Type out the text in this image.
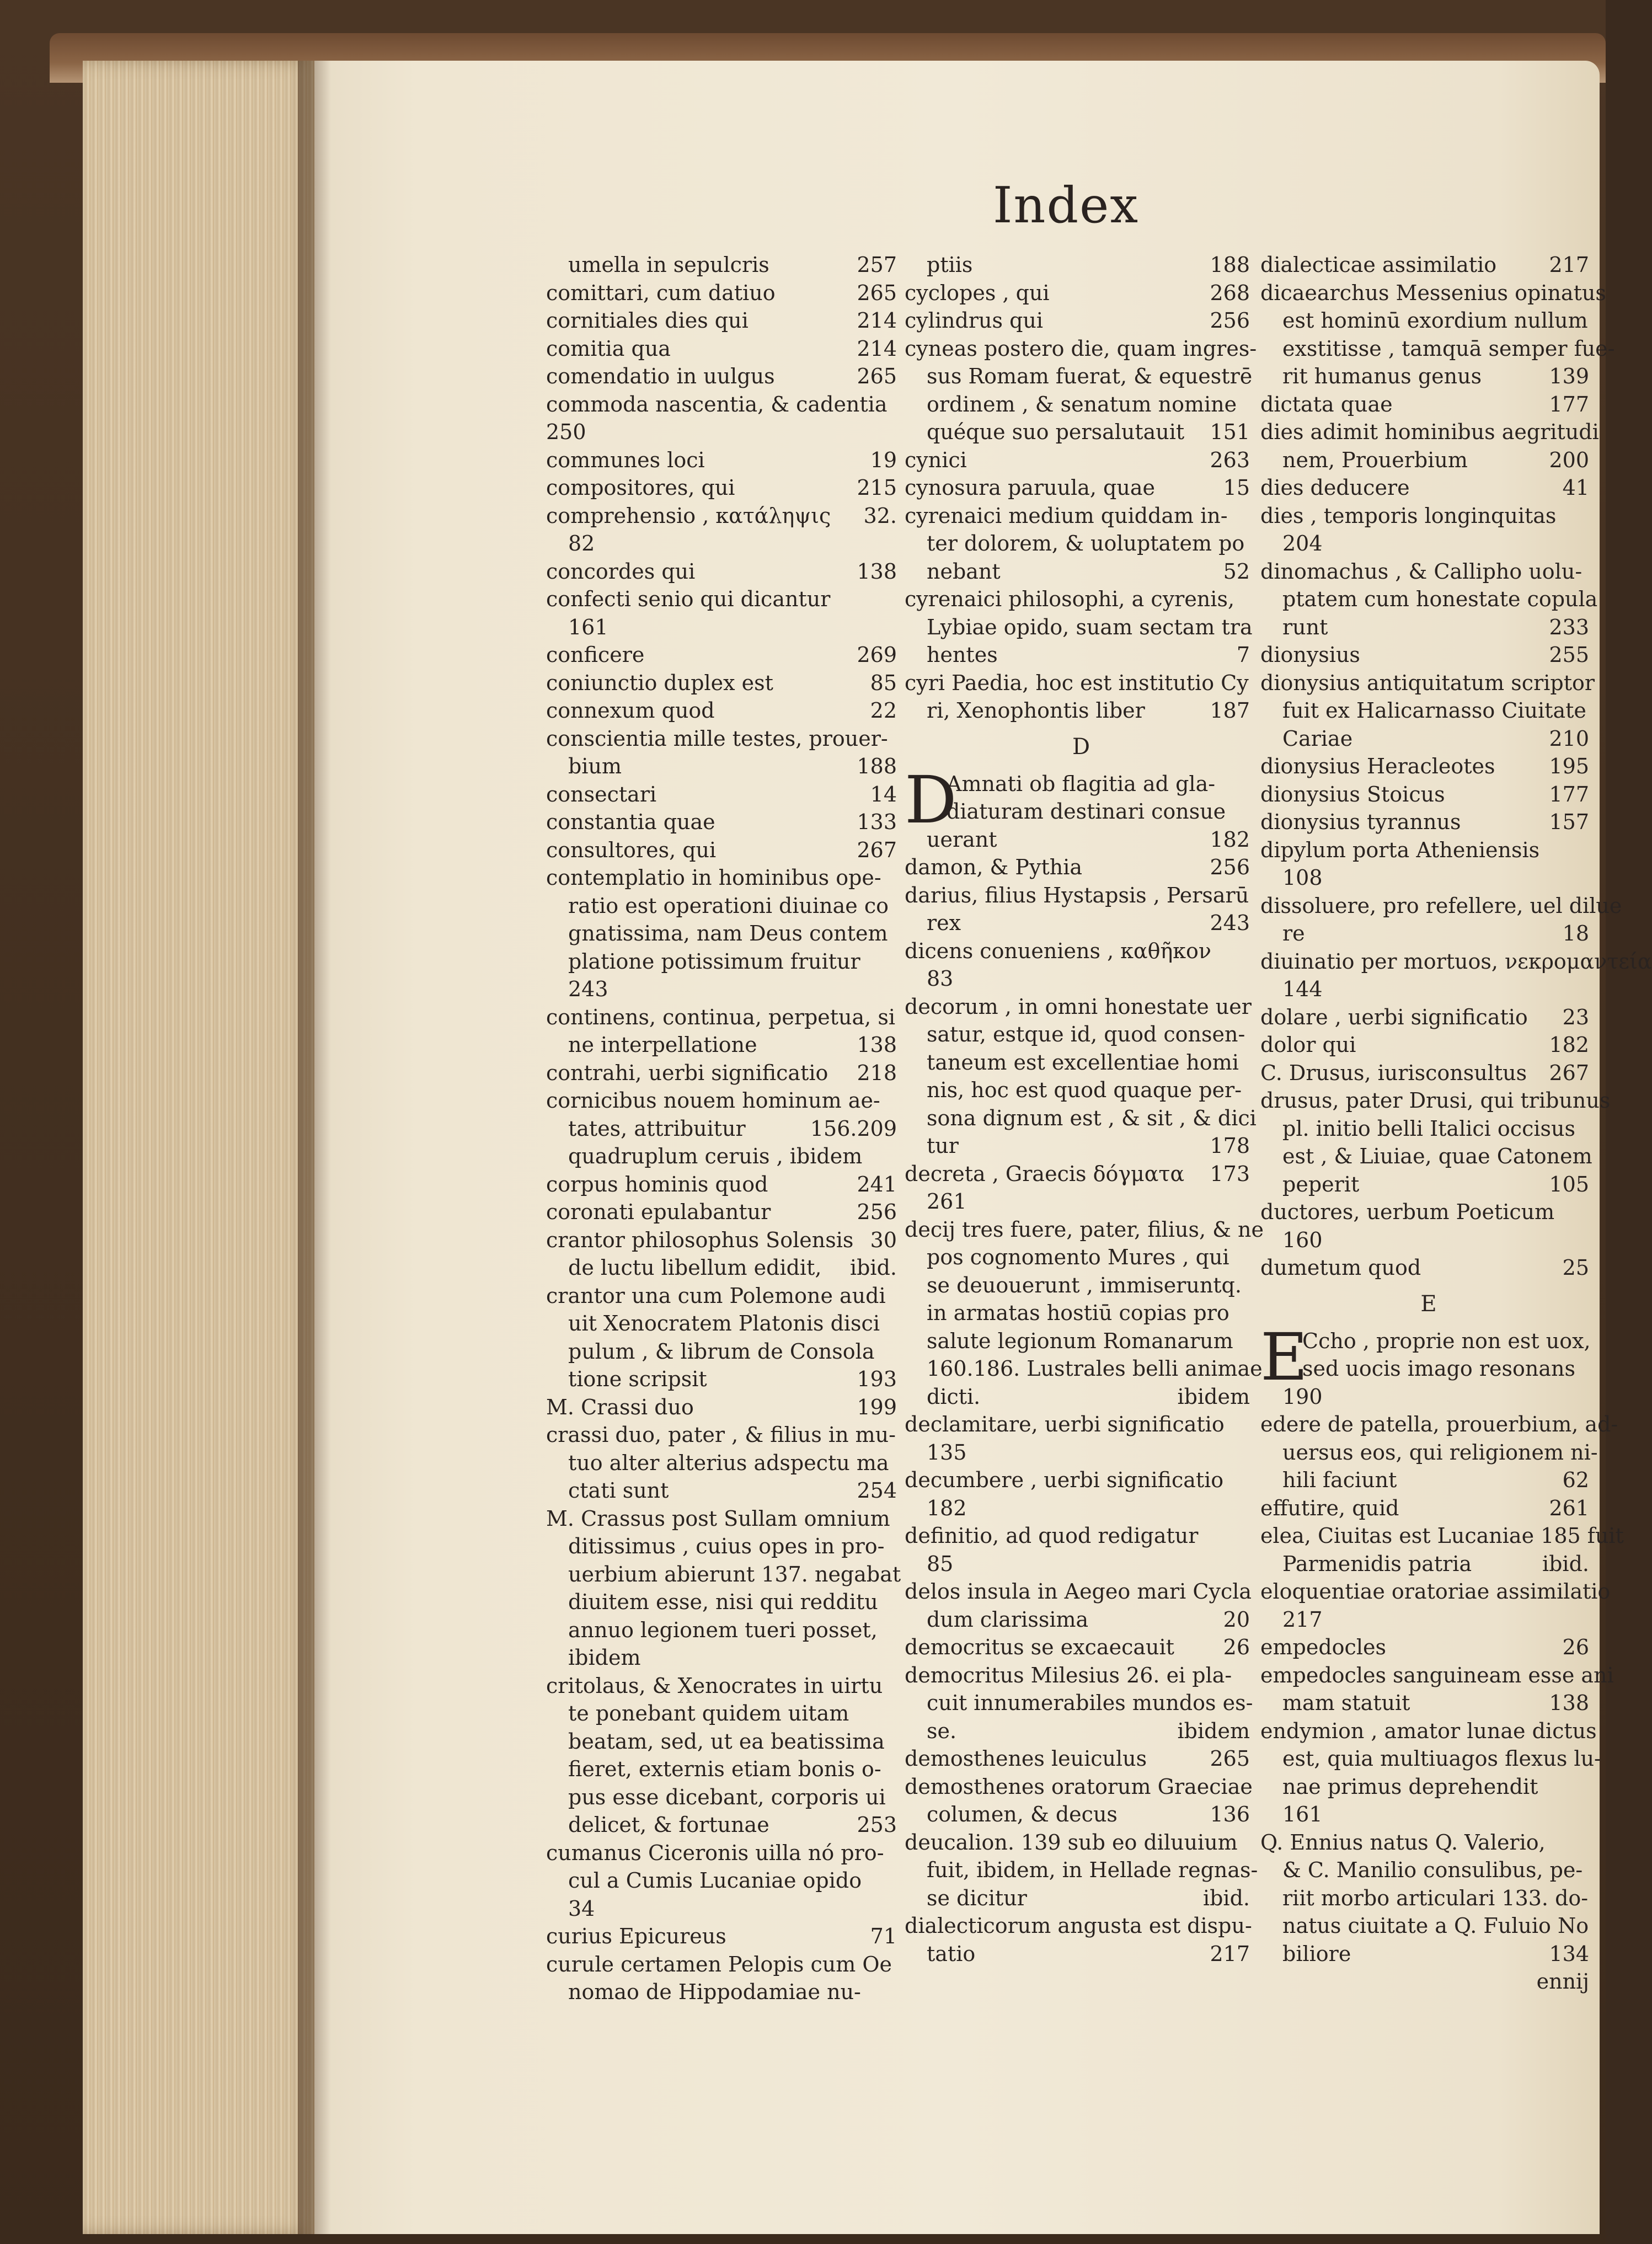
Index
umella in sepulcris	257
comittari, cum datiuo	265
cornitiales dies qui	214
comitia qua	214
comendatio in uulgus	265
commoda nascentia, & cadentia
250
communes loci	19
compositores, qui	215
comprehensio , κατάληψις	32.
82
concordes qui	138
confecti senio qui dicantur
161
conficere	269
coniunctio duplex est	85
connexum quod	22
conscientia mille testes, prouer-
bium	188
consectari	14
constantia quae	133
consultores, qui	267
contemplatio in hominibus ope-
ratio est operationi diuinae co
gnatissima, nam Deus contem
platione potissimum fruitur
243
continens, continua, perpetua, si
ne interpellatione	138
contrahi, uerbi significatio	218
cornicibus nouem hominum ae-
tates, attribuitur	156.209
quadruplum ceruis , ibidem
corpus hominis quod	241
coronati epulabantur	256
crantor philosophus Solensis 30
de luctu libellum edidit,	ibid.
crantor una cum Polemone audi
uit Xenocratem Platonis disci
pulum , & librum de Consola
tione scripsit	193
M. Crassi duo	199
crassi duo, pater , & filius in mu-
tuo alter alterius adspectu ma
ctati sunt	254
M. Crassus post Sullam omnium
ditissimus , cuius opes in pro-
uerbium abierunt 137. negabat
diuitem esse, nisi qui redditu
annuo legionem tueri posset,
ibidem
critolaus, & Xenocrates in uirtu
te ponebant quidem uitam
beatam, sed, ut ea beatissima
fieret, externis etiam bonis o-
pus esse dicebant, corporis ui
delicet, & fortunae	253
cumanus Ciceronis uilla nó pro-
cul a Cumis Lucaniae opido
34
curius Epicureus	71
curule certamen Pelopis cum Oe
nomao de Hippodamiae nu-
ptiis	188
cyclopes , qui	268
cylindrus qui	256
cyneas postero die, quam ingres-
sus Romam fuerat, & equestrē
ordinem , & senatum nomine
quéque suo persalutauit	151
cynici	263
cynosura paruula, quae	15
cyrenaici medium quiddam in-
ter dolorem, & uoluptatem po
nebant	52
cyrenaici philosophi, a cyrenis,
Lybiae opido, suam sectam tra
hentes	7
cyri Paedia, hoc est institutio Cy
ri, Xenophontis liber	187
D
D
Amnati ob flagitia ad gla-
diaturam destinari consue
uerant	182
damon, & Pythia	256
darius, filius Hystapsis , Persarū
rex	243
dicens conueniens , καθῆκον
83
decorum , in omni honestate uer
satur, estque id, quod consen-
taneum est excellentiae homi
nis, hoc est quod quaque per-
sona dignum est , & sit , & dici
tur	178
decreta , Graecis δόγματα	173
261
decij tres fuere, pater, filius, & ne
pos cognomento Mures , qui
se deuouerunt , immiseruntq.
in armatas hostiū copias pro
salute legionum Romanarum
160.186. Lustrales belli animae
dicti.	ibidem
declamitare, uerbi significatio
135
decumbere , uerbi significatio
182
definitio, ad quod redigatur
85
delos insula in Aegeo mari Cycla
dum clarissima	20
democritus se excaecauit	26
democritus Milesius 26. ei pla-
cuit innumerabiles mundos es-
se.	ibidem
demosthenes leuiculus	265
demosthenes oratorum Graeciae
columen, & decus	136
deucalion. 139 sub eo diluuium
fuit, ibidem, in Hellade regnas-
se dicitur	ibid.
dialecticorum angusta est dispu-
tatio	217
dialecticae assimilatio	217
dicaearchus Messenius opinatus
est hominū exordium nullum
exstitisse , tamquā semper fue-
rit humanus genus	139
dictata quae	177
dies adimit hominibus aegritudi
nem, Prouerbium	200
dies deducere	41
dies , temporis longinquitas
204
dinomachus , & Callipho uolu-
ptatem cum honestate copula
runt	233
dionysius	255
dionysius antiquitatum scriptor
fuit ex Halicarnasso Ciuitate
Cariae	210
dionysius Heracleotes	195
dionysius Stoicus	177
dionysius tyrannus	157
dipylum porta Atheniensis
108
dissoluere, pro refellere, uel dilue
re	18
diuinatio per mortuos, νεκρομαντεία
144
dolare , uerbi significatio	23
dolor qui	182
C. Drusus, iurisconsultus	267
drusus, pater Drusi, qui tribunus
pl. initio belli Italici occisus
est , & Liuiae, quae Catonem
peperit	105
ductores, uerbum Poeticum
160
dumetum quod	25
E
E
Ccho , proprie non est uox,
sed uocis imago resonans
190
edere de patella, prouerbium, ad-
uersus eos, qui religionem ni-
hili faciunt	62
effutire, quid	261
elea, Ciuitas est Lucaniae 185 fuit
Parmenidis patria	ibid.
eloquentiae oratoriae assimilatio
217
empedocles	26
empedocles sanguineam esse ani
mam statuit	138
endymion , amator lunae dictus
est, quia multiuagos flexus lu-
nae primus deprehendit
161
Q. Ennius natus Q. Valerio,
& C. Manilio consulibus, pe-
riit morbo articulari 133. do-
natus ciuitate a Q. Fuluio No
biliore	134
ennij
